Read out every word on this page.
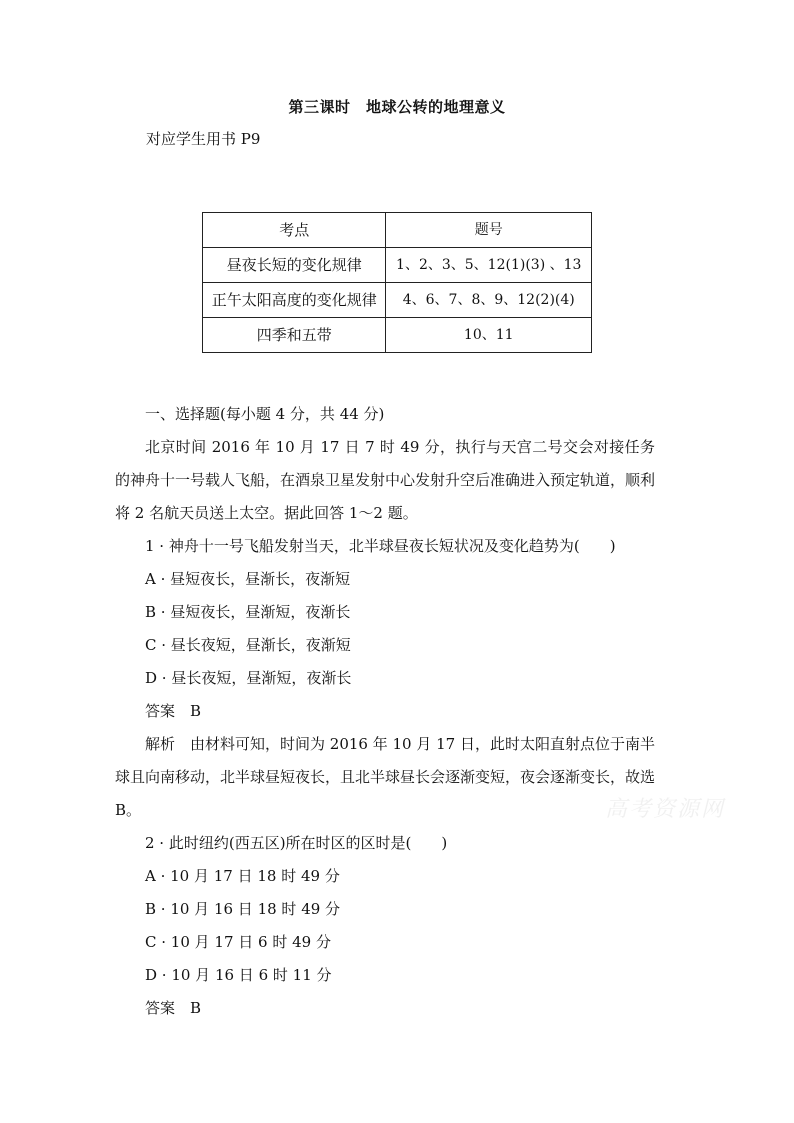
第三课时　地球公转的地理意义
对应学生用书 P9
考点	题号
昼夜长短的变化规律	1、2、3、5、12(1)(3) 、13
正午太阳高度的变化规律	4、6、7、8、9、12(2)(4)
四季和五带	10、11

一、选择题(每小题 4 分，共 44 分)

北京时间 2016 年 10 月 17 日 7 时 49 分，执行与天宫二号交会对接任务的神舟十一号载人飞船，在酒泉卫星发射中心发射升空后准确进入预定轨道，顺利将 2 名航天员送上太空。据此回答 1～2 题。

1 · 神舟十一号飞船发射当天，北半球昼夜长短状况及变化趋势为(　　)

A · 昼短夜长，昼渐长，夜渐短

B · 昼短夜长，昼渐短，夜渐长

C · 昼长夜短，昼渐长，夜渐短

D · 昼长夜短，昼渐短，夜渐长

答案　B

解析　由材料可知，时间为 2016 年 10 月 17 日，此时太阳直射点位于南半球且向南移动，北半球昼短夜长，且北半球昼长会逐渐变短，夜会逐渐变长，故选 B。

2 · 此时纽约(西五区)所在时区的区时是(　　)

A · 10 月 17 日 18 时 49 分

B · 10 月 16 日 18 时 49 分

C · 10 月 17 日 6 时 49 分

D · 10 月 16 日 6 时 11 分

答案　B

高考资源网
